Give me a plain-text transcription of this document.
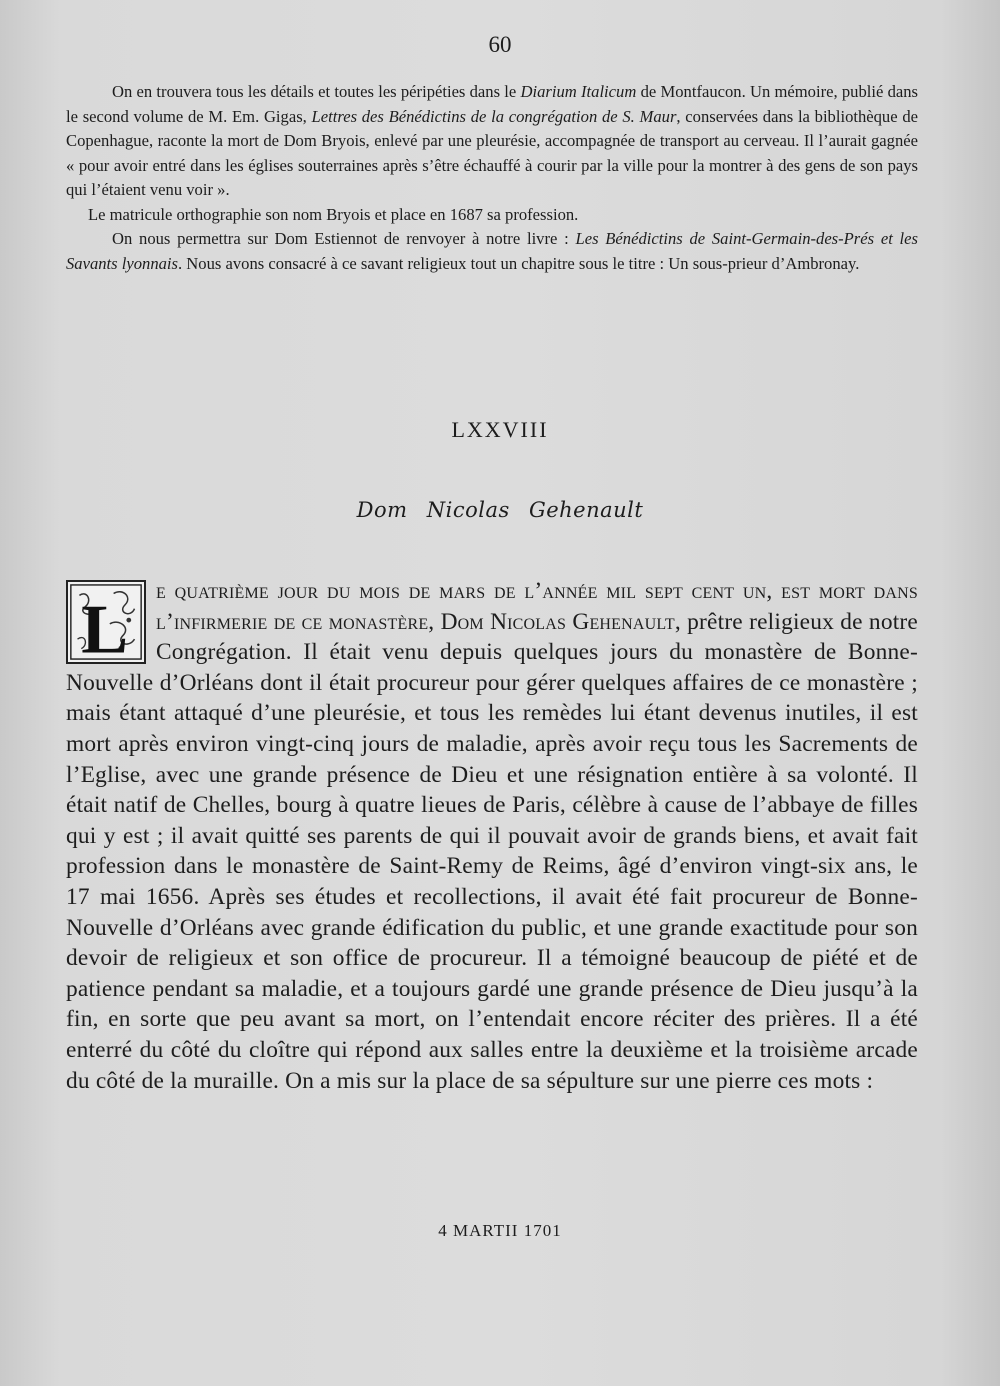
60

On en trouvera tous les détails et toutes les péripéties dans le Diarium Italicum de Montfaucon. Un mémoire, publié dans le second volume de M. Em. Gigas, Lettres des Bénédictins de la congrégation de S. Maur, conservées dans la bibliothèque de Copenhague, raconte la mort de Dom Bryois, enlevé par une pleurésie, accompagnée de transport au cerveau. Il l’aurait gagnée « pour avoir entré dans les églises souterraines après s’être échauffé à courir par la ville pour la montrer à des gens de son pays qui l’étaient venu voir ».

Le matricule orthographie son nom Bryois et place en 1687 sa profession.

On nous permettra sur Dom Estiennot de renvoyer à notre livre : Les Bénédictins de Saint-Germain-des-Prés et les Savants lyonnais. Nous avons consacré à ce savant religieux tout un chapitre sous le titre : Un sous-prieur d’Ambronay.

LXXVIII
Dom Nicolas Gehenault

L e quatrième jour du mois de mars de l’année mil sept cent un, est mort dans l’infirmerie de ce monastère, Dom Nicolas Gehenault, prêtre religieux de notre Congrégation. Il était venu depuis quelques jours du monastère de Bonne-Nouvelle d’Orléans dont il était procureur pour gérer quelques affaires de ce monastère ; mais étant attaqué d’une pleurésie, et tous les remèdes lui étant devenus inutiles, il est mort après environ vingt-cinq jours de maladie, après avoir reçu tous les Sacrements de l’Eglise, avec une grande présence de Dieu et une résignation entière à sa volonté. Il était natif de Chelles, bourg à quatre lieues de Paris, célèbre à cause de l’abbaye de filles qui y est ; il avait quitté ses parents de qui il pouvait avoir de grands biens, et avait fait profession dans le monastère de Saint-Remy de Reims, âgé d’environ vingt-six ans, le 17 mai 1656. Après ses études et recollections, il avait été fait procureur de Bonne-Nouvelle d’Orléans avec grande édification du public, et une grande exactitude pour son devoir de religieux et son office de procureur. Il a témoigné beaucoup de piété et de patience pendant sa maladie, et a toujours gardé une grande présence de Dieu jusqu’à la fin, en sorte que peu avant sa mort, on l’entendait encore réciter des prières. Il a été enterré du côté du cloître qui répond aux salles entre la deuxième et la troisième arcade du côté de la muraille. On a mis sur la place de sa sépulture sur une pierre ces mots :

4 MARTII 1701
